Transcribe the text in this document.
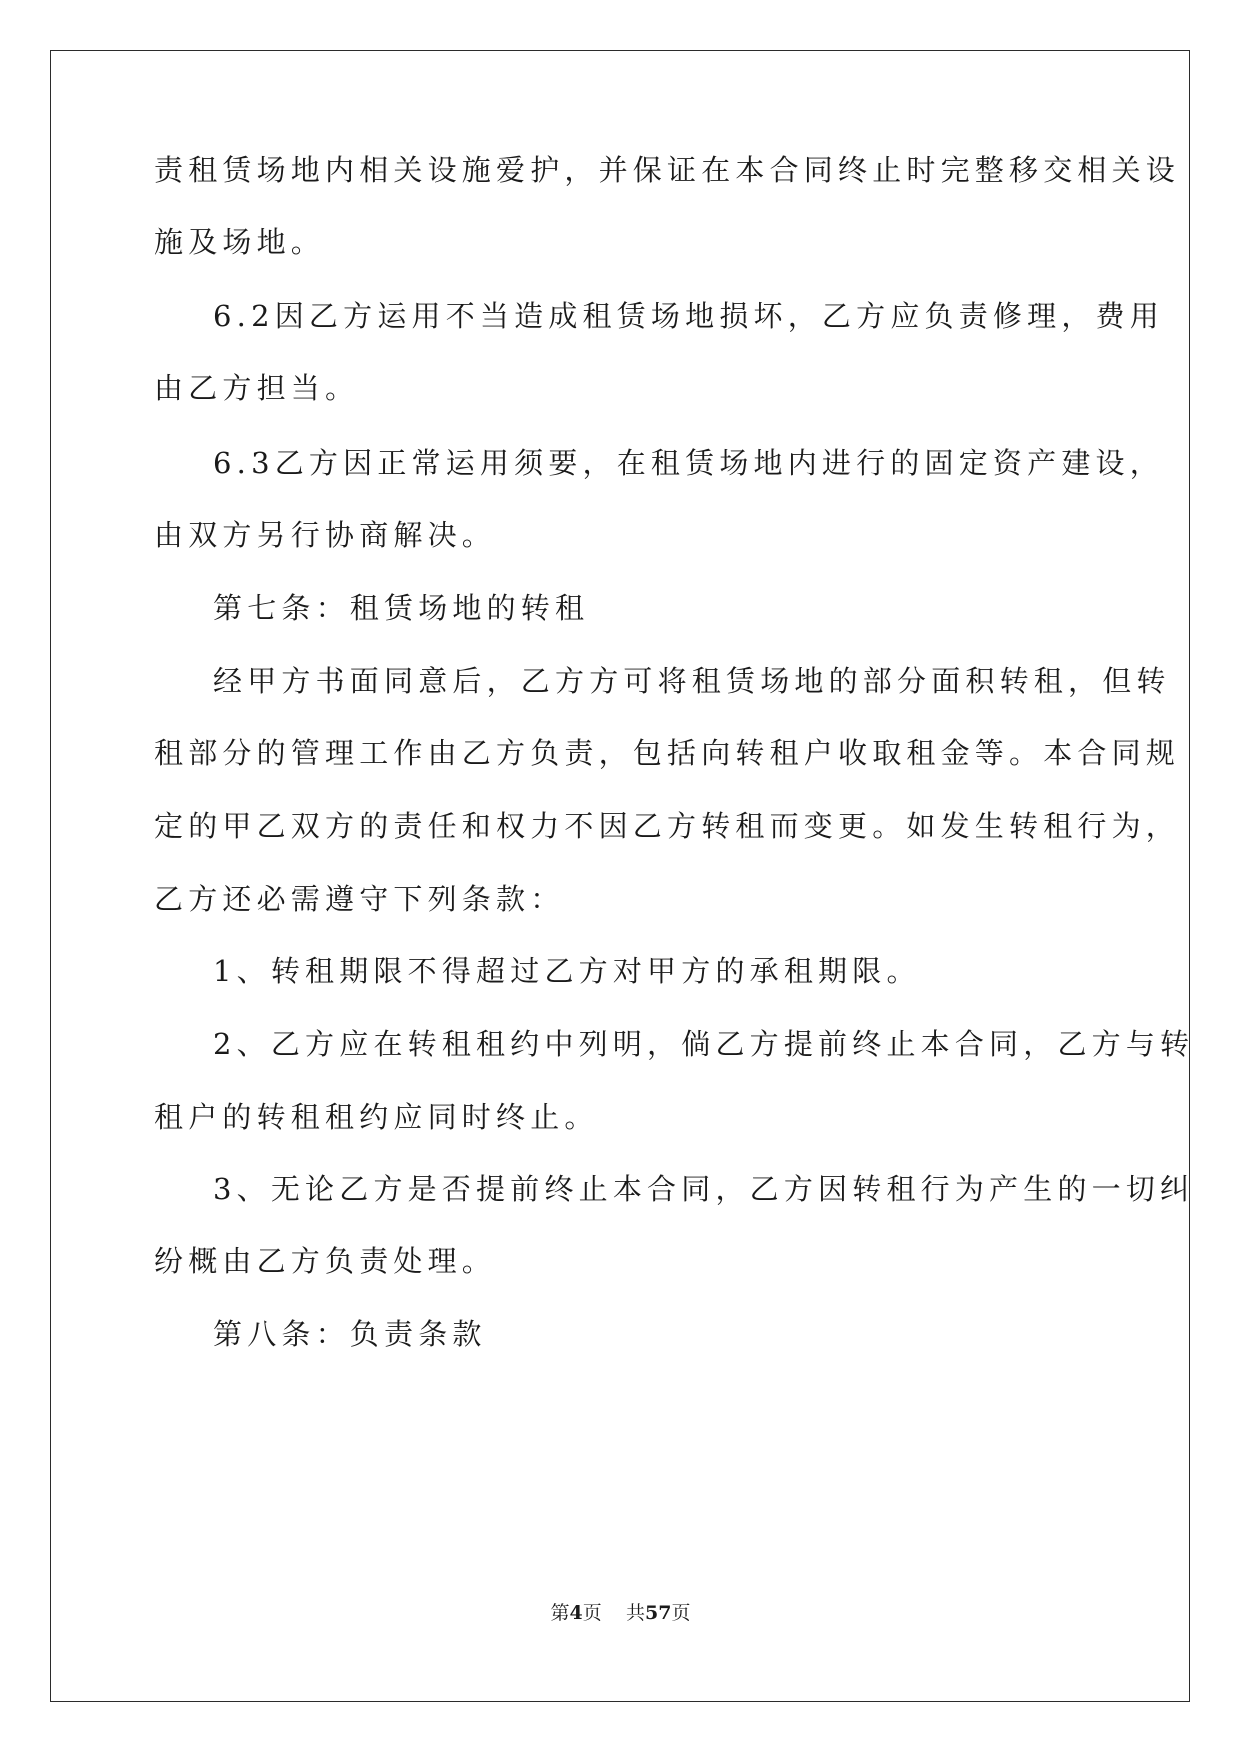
责租赁场地内相关设施爱护，并保证在本合同终止时完整移交相关设
施及场地。
6.2因乙方运用不当造成租赁场地损坏，乙方应负责修理，费用
由乙方担当。
6.3乙方因正常运用须要，在租赁场地内进行的固定资产建设，
由双方另行协商解决。
第七条：租赁场地的转租
经甲方书面同意后，乙方方可将租赁场地的部分面积转租，但转
租部分的管理工作由乙方负责，包括向转租户收取租金等。本合同规
定的甲乙双方的责任和权力不因乙方转租而变更。如发生转租行为，
乙方还必需遵守下列条款：
1、转租期限不得超过乙方对甲方的承租期限。
2、乙方应在转租租约中列明，倘乙方提前终止本合同，乙方与转
租户的转租租约应同时终止。
3、无论乙方是否提前终止本合同，乙方因转租行为产生的一切纠
纷概由乙方负责处理。
第八条：负责条款
第4页 共57页
